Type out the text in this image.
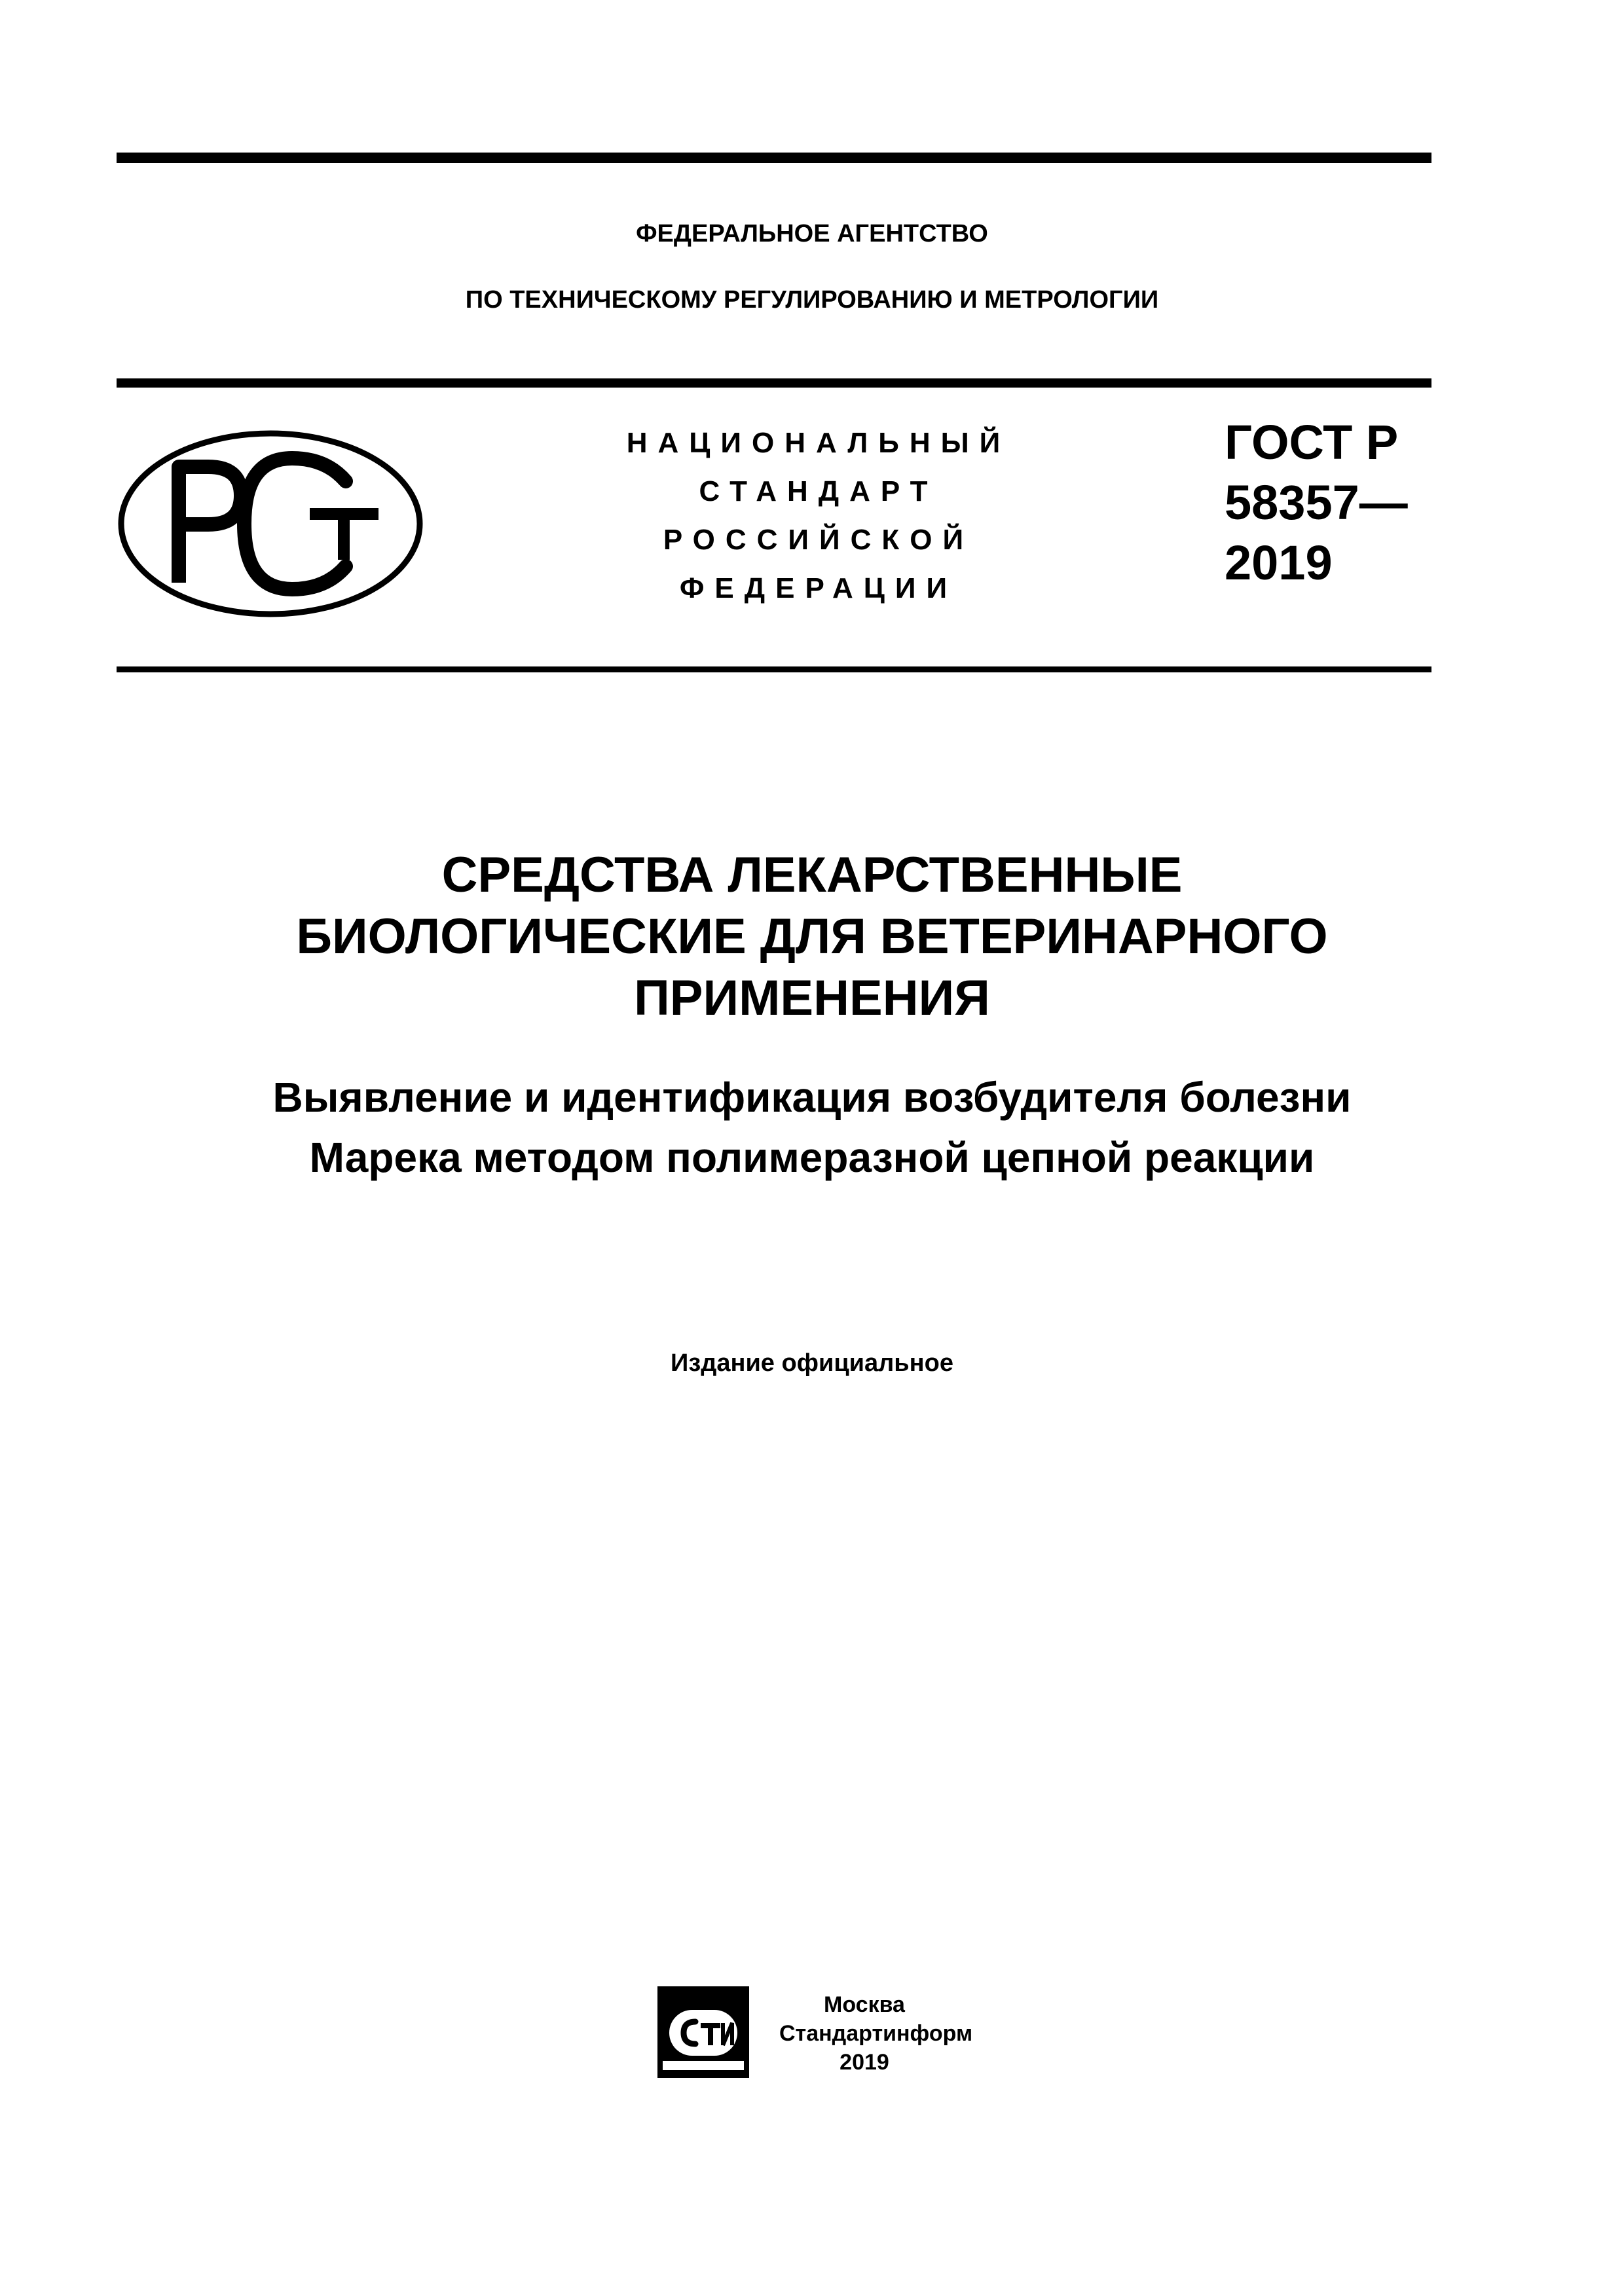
ФЕДЕРАЛЬНОЕ АГЕНТСТВО
ПО ТЕХНИЧЕСКОМУ РЕГУЛИРОВАНИЮ И МЕТРОЛОГИИ
НАЦИОНАЛЬНЫЙ
СТАНДАРТ
РОССИЙСКОЙ
ФЕДЕРАЦИИ
ГОСТ Р
58357—
2019
СРЕДСТВА ЛЕКАРСТВЕННЫЕ
БИОЛОГИЧЕСКИЕ ДЛЯ ВЕТЕРИНАРНОГО
ПРИМЕНЕНИЯ
Выявление и идентификация возбудителя болезни
Марека методом полимеразной цепной реакции
Издание официальное
Москва
Стандартинформ
2019
